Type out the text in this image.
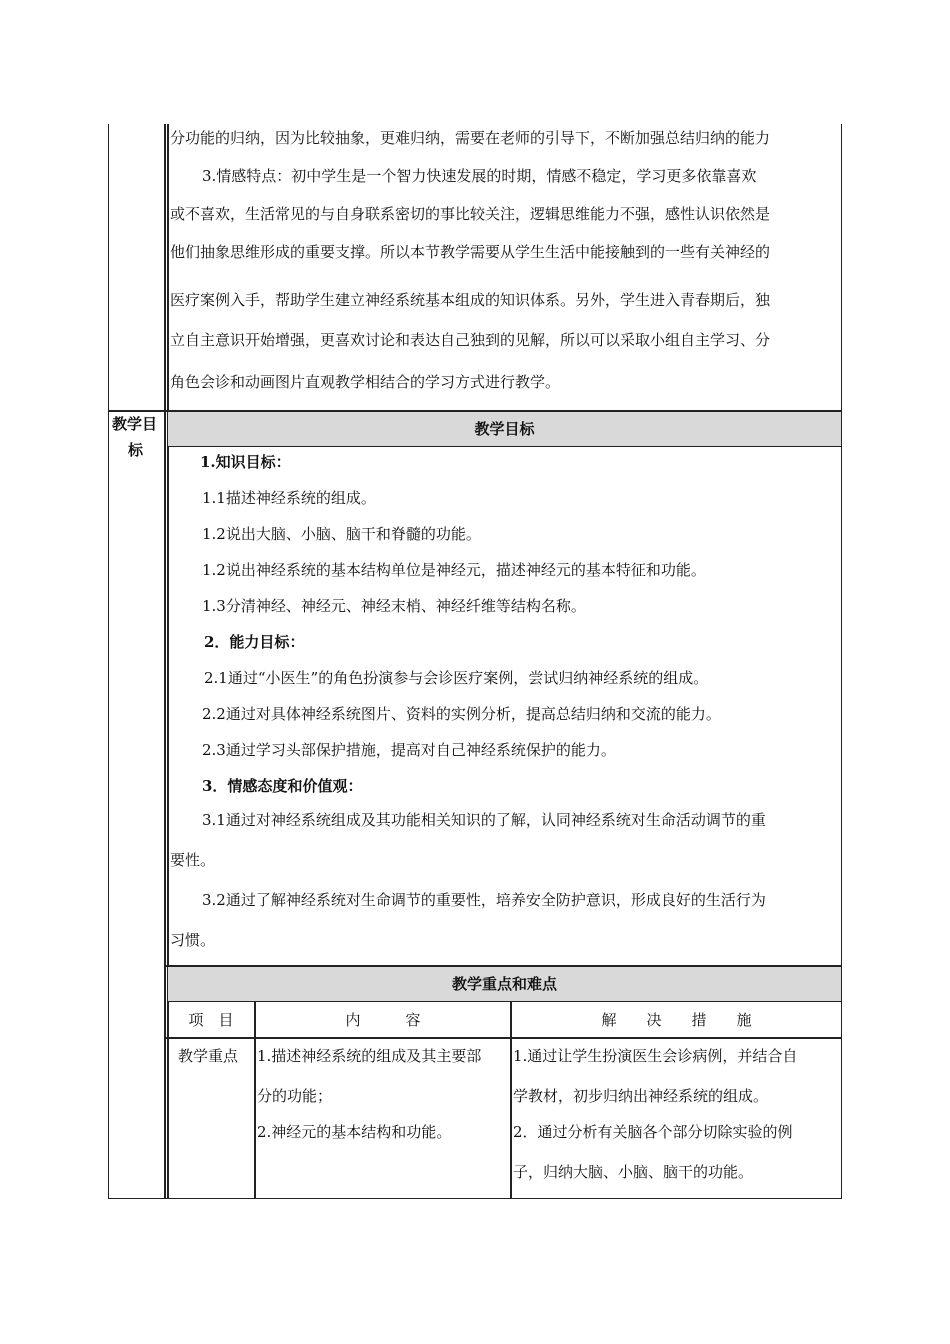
分功能的归纳，因为比较抽象，更难归纳，需要在老师的引导下，不断加强总结归纳的能力
3.情感特点：初中学生是一个智力快速发展的时期，情感不稳定，学习更多依靠喜欢
或不喜欢，生活常见的与自身联系密切的事比较关注，逻辑思维能力不强，感性认识依然是
他们抽象思维形成的重要支撑。所以本节教学需要从学生生活中能接触到的一些有关神经的
医疗案例入手，帮助学生建立神经系统基本组成的知识体系。另外，学生进入青春期后，独
立自主意识开始增强，更喜欢讨论和表达自己独到的见解，所以可以采取小组自主学习、分
角色会诊和动画图片直观教学相结合的学习方式进行教学。
教学目
标
教学目标
1.知识目标：
1.1描述神经系统的组成。
1.2说出大脑、小脑、脑干和脊髓的功能。
1.2说出神经系统的基本结构单位是神经元，描述神经元的基本特征和功能。
1.3分清神经、神经元、神经末梢、神经纤维等结构名称。
2．能力目标：
2.1通过“小医生”的角色扮演参与会诊医疗案例，尝试归纳神经系统的组成。
2.2通过对具体神经系统图片、资料的实例分析，提高总结归纳和交流的能力。
2.3通过学习头部保护措施，提高对自己神经系统保护的能力。
3．情感态度和价值观：
3.1通过对神经系统组成及其功能相关知识的了解，认同神经系统对生命活动调节的重
要性。
3.2通过了解神经系统对生命调节的重要性，培养安全防护意识，形成良好的生活行为
习惯。
教学重点和难点
项　目	内　　　容	解　　决　　措　　施
教学重点 1.描述神经系统的组成及其主要部
分的功能；
2.神经元的基本结构和功能。
1.通过让学生扮演医生会诊病例，并结合自
学教材，初步归纳出神经系统的组成。
2．通过分析有关脑各个部分切除实验的例
子，归纳大脑、小脑、脑干的功能。
